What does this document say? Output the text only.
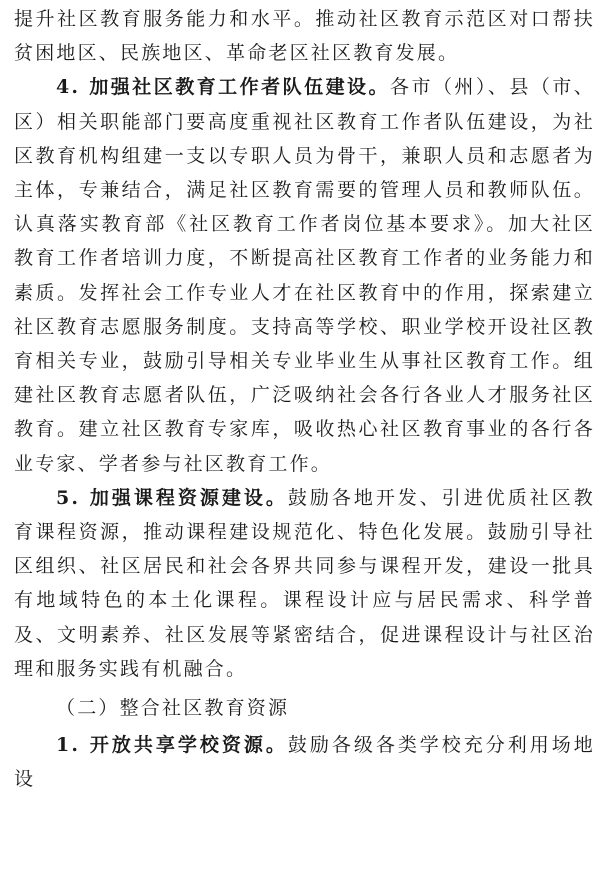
提升社区教育服务能力和水平。推动社区教育示范区对口帮扶贫困地区、民族地区、革命老区社区教育发展。

4. 加强社区教育工作者队伍建设。各市（州）、县（市、区）相关职能部门要高度重视社区教育工作者队伍建设，为社区教育机构组建一支以专职人员为骨干，兼职人员和志愿者为主体，专兼结合，满足社区教育需要的管理人员和教师队伍。认真落实教育部《社区教育工作者岗位基本要求》。加大社区教育工作者培训力度，不断提高社区教育工作者的业务能力和素质。发挥社会工作专业人才在社区教育中的作用，探索建立社区教育志愿服务制度。支持高等学校、职业学校开设社区教育相关专业，鼓励引导相关专业毕业生从事社区教育工作。组建社区教育志愿者队伍，广泛吸纳社会各行各业人才服务社区教育。建立社区教育专家库，吸收热心社区教育事业的各行各业专家、学者参与社区教育工作。

5. 加强课程资源建设。鼓励各地开发、引进优质社区教育课程资源，推动课程建设规范化、特色化发展。鼓励引导社区组织、社区居民和社会各界共同参与课程开发，建设一批具有地域特色的本土化课程。课程设计应与居民需求、科学普及、文明素养、社区发展等紧密结合，促进课程设计与社区治理和服务实践有机融合。

（二）整合社区教育资源

1. 开放共享学校资源。鼓励各级各类学校充分利用场地设
